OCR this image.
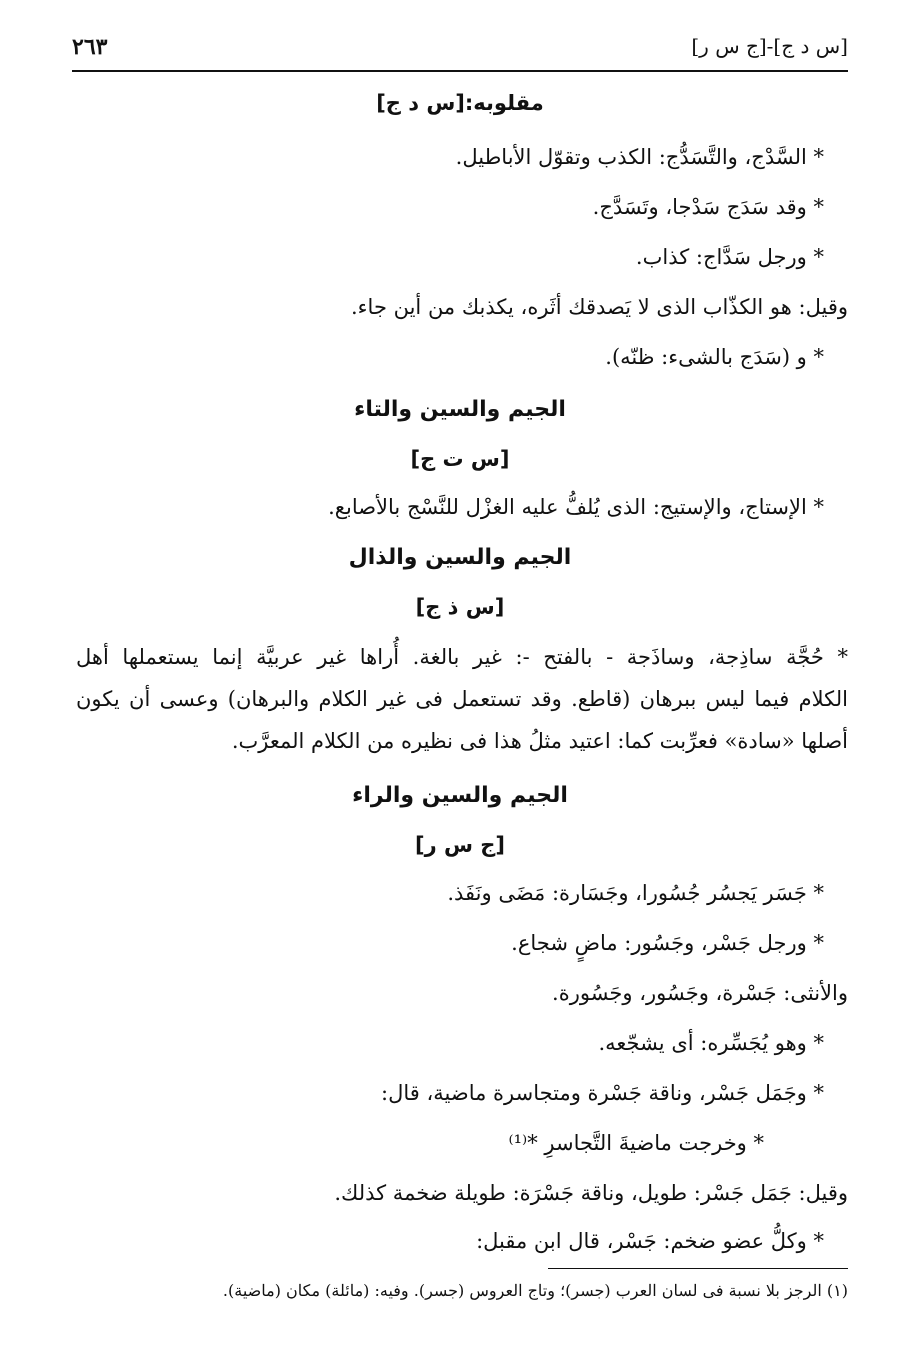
[س د ج]-[ج س ر]
٢٦٣
مقلوبه:[س د ج]
* السَّدْج، والتَّسَدُّج: الكذب وتقوّل الأباطيل.
* وقد سَدَج سَدْجا، وتَسَدَّج.
* ورجل سَدَّاج: كذاب.
وقيل: هو الكذّاب الذى لا يَصدقك أثَره، يكذبك من أين جاء.
* و (سَدَج بالشىء: ظنّه).
الجيم والسين والتاء
[س ت ج]
* الإستاج، والإستيج: الذى يُلفُّ عليه الغزْل للنَّسْج بالأصابع.
الجيم والسين والذال
[س ذ ج]
* حُجَّة ساذِجة، وساذَجة - بالفتح -: غير بالغة. أُراها غير عربيَّة إنما يستعملها أهل
الكلام فيما ليس ببرهان (قاطع. وقد تستعمل فى غير الكلام والبرهان) وعسى أن يكون
أصلها «سادة» فعرِّبت كما: اعتيد مثلُ هذا فى نظيره من الكلام المعرَّب.
الجيم والسين والراء
[ج س ر]
* جَسَر يَجسُر جُسُورا، وجَسَارة: مَضَى ونَفَذ.
* ورجل جَسْر، وجَسُور: ماضٍ شجاع.
والأنثى: جَسْرة، وجَسُور، وجَسُورة.
* وهو يُجَسِّره: أى يشجّعه.
* وجَمَل جَسْر، وناقة جَسْرة ومتجاسرة ماضية، قال:
* وخرجت ماضيةَ التَّجاسرِ *⁽¹⁾
وقيل: جَمَل جَسْر: طويل، وناقة جَسْرَة: طويلة ضخمة كذلك.
* وكلُّ عضو ضخم: جَسْر، قال ابن مقبل:
(١) الرجز بلا نسبة فى لسان العرب (جسر)؛ وتاج العروس (جسر). وفيه: (مائلة) مكان (ماضية).
